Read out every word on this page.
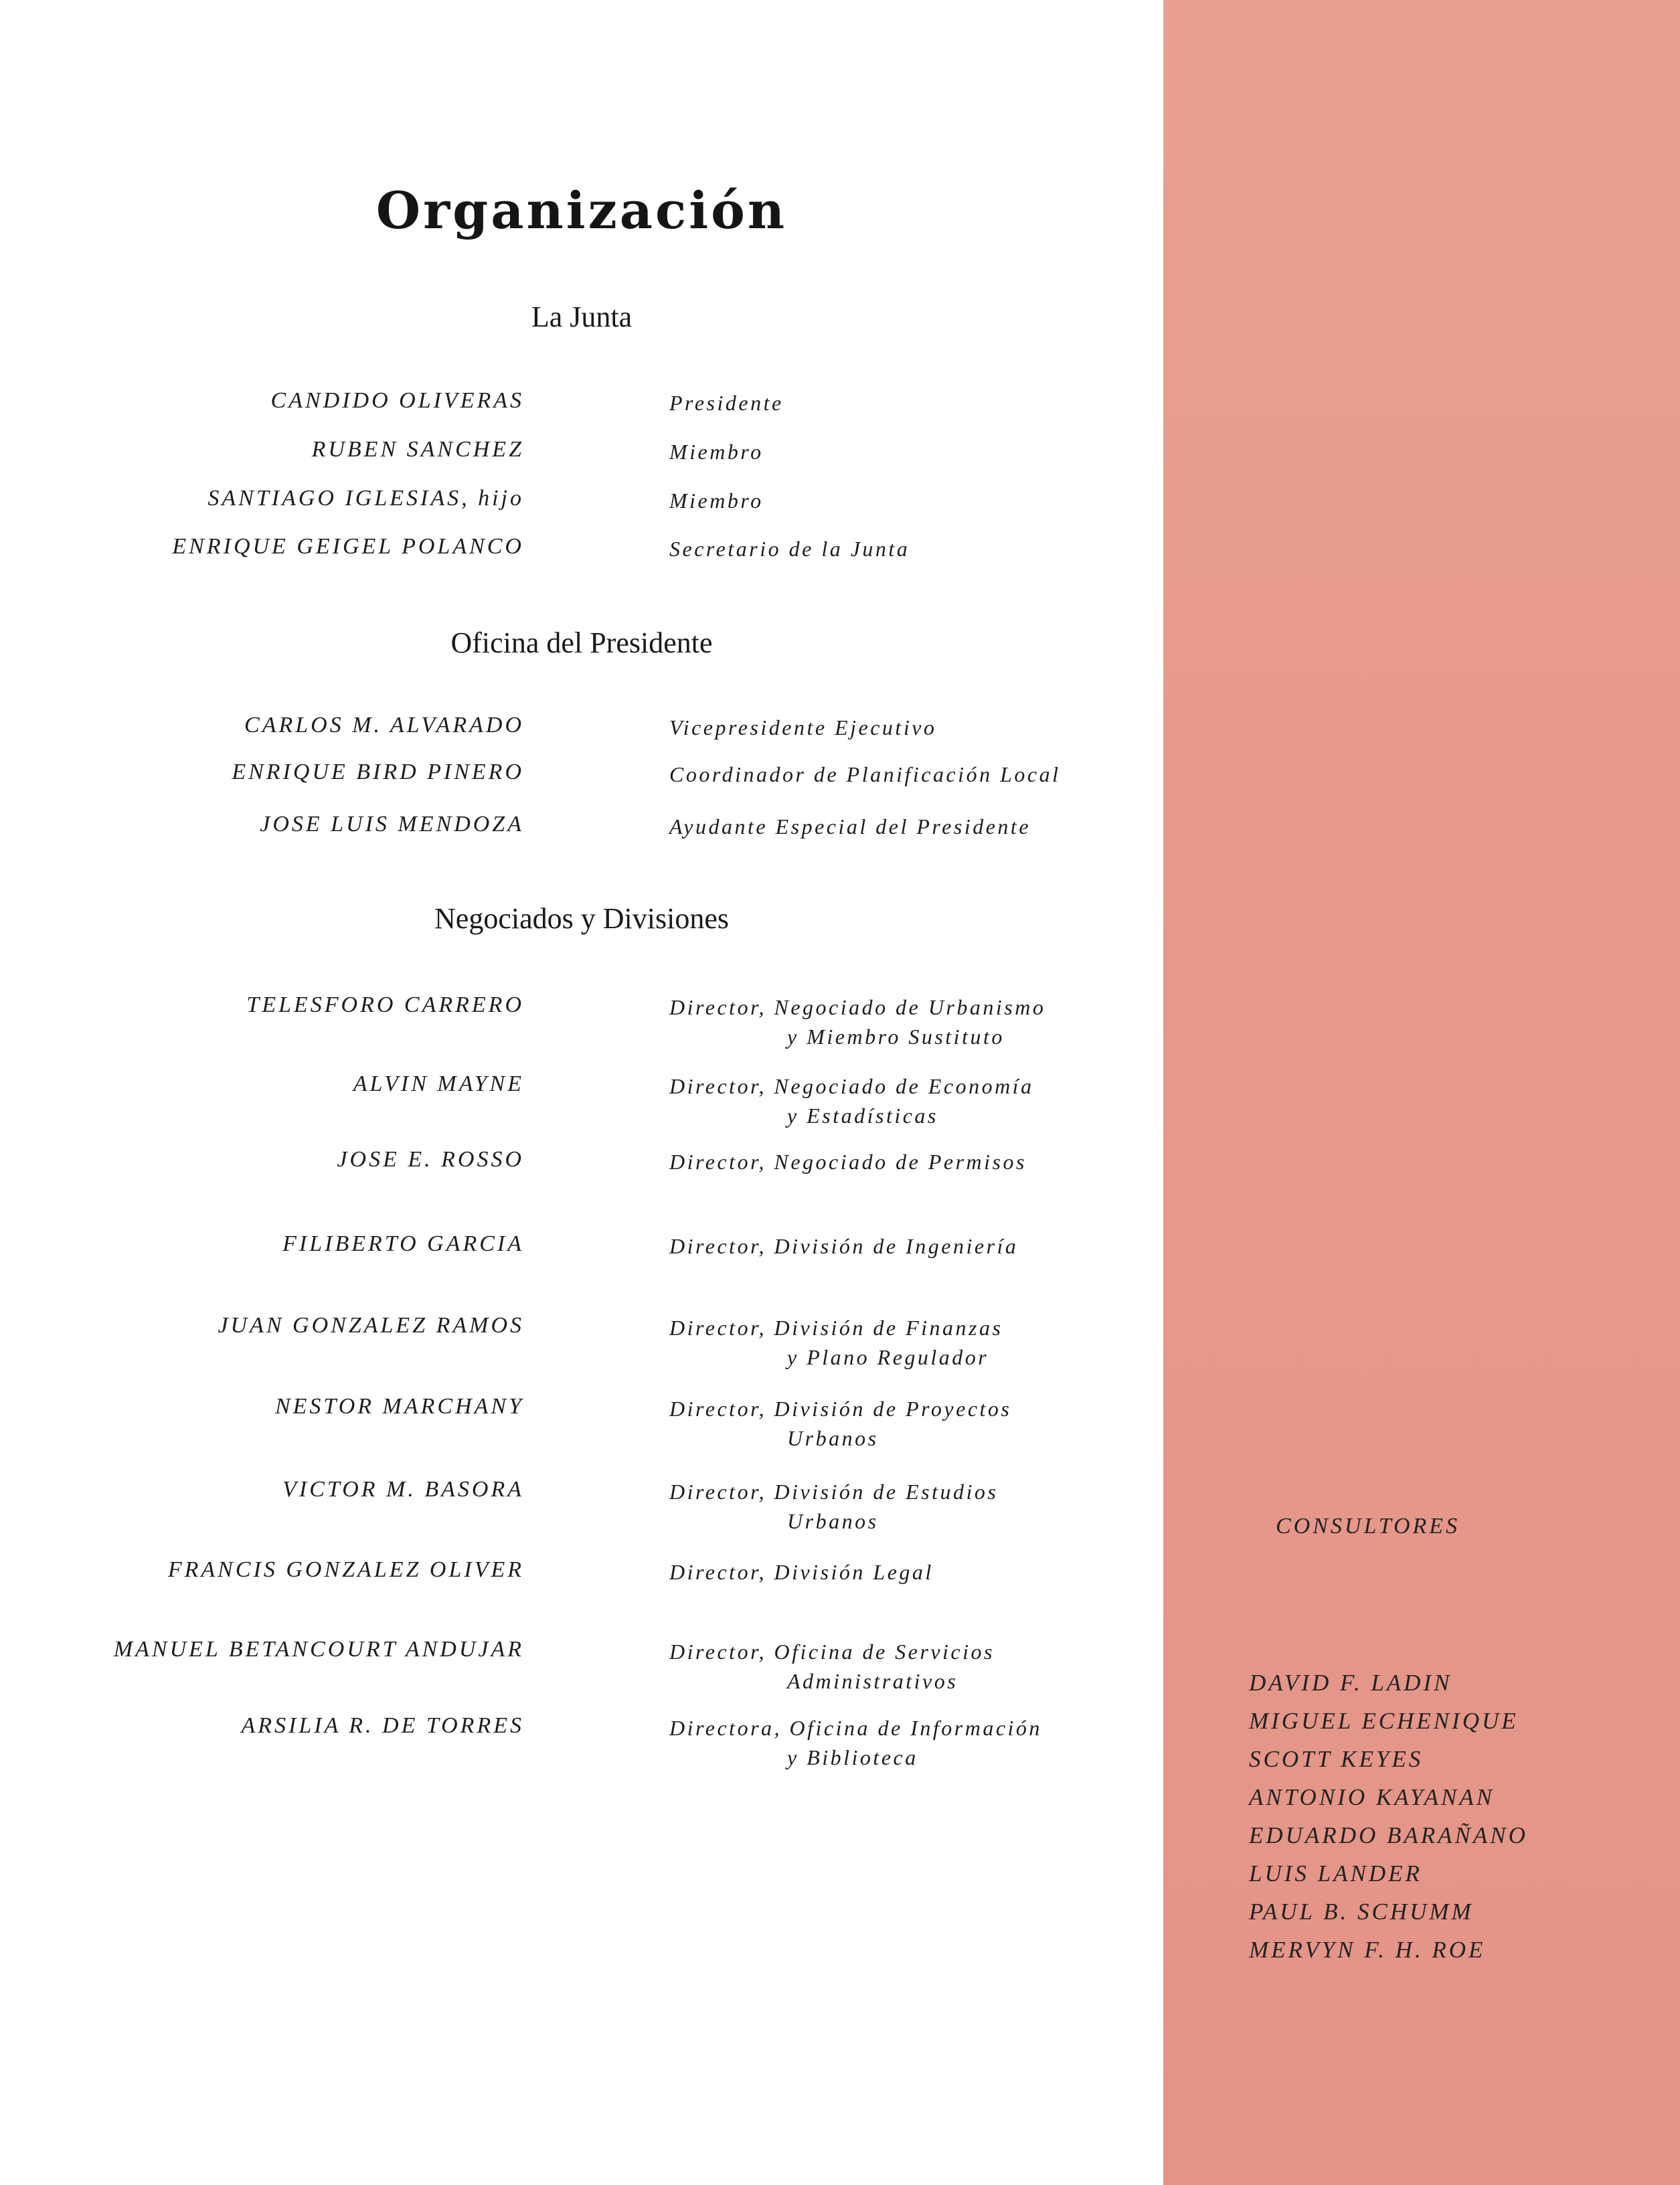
Organización
La Junta
Oficina del Presidente
Negociados y Divisiones
CANDIDO OLIVERAS	Presidente
RUBEN SANCHEZ	Miembro
SANTIAGO IGLESIAS, hijo	Miembro
ENRIQUE GEIGEL POLANCO	Secretario de la Junta
CARLOS M. ALVARADO	Vicepresidente Ejecutivo
ENRIQUE BIRD PINERO	Coordinador de Planificación Local
JOSE LUIS MENDOZA	Ayudante Especial del Presidente
TELESFORO CARRERO	Director, Negociado de Urbanismo
y Miembro Sustituto
ALVIN MAYNE	Director, Negociado de Economía
y Estadísticas
JOSE E. ROSSO	Director, Negociado de Permisos
FILIBERTO GARCIA	Director, División de Ingeniería
JUAN GONZALEZ RAMOS	Director, División de Finanzas
y Plano Regulador
NESTOR MARCHANY	Director, División de Proyectos
Urbanos
VICTOR M. BASORA	Director, División de Estudios
Urbanos
FRANCIS GONZALEZ OLIVER	Director, División Legal
MANUEL BETANCOURT ANDUJAR	Director, Oficina de Servicios
Administrativos
ARSILIA R. DE TORRES	Directora, Oficina de Información
y Biblioteca
CONSULTORES
DAVID F. LADIN
MIGUEL ECHENIQUE
SCOTT KEYES
ANTONIO KAYANAN
EDUARDO BARAÑANO
LUIS LANDER
PAUL B. SCHUMM
MERVYN F. H. ROE
